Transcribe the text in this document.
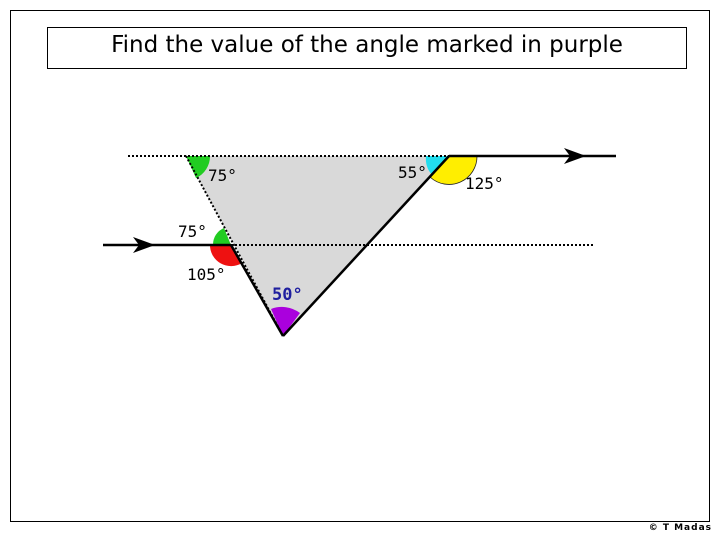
Find the value of the angle marked in purple
75°	55°
125°
75°
105°
50°
© T Madas
